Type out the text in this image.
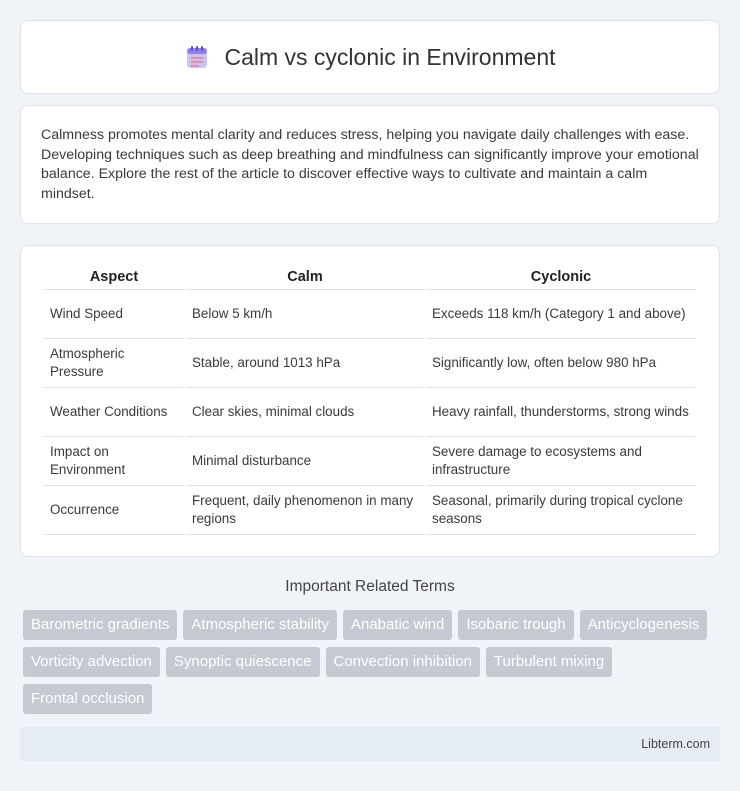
Calm vs cyclonic in Environment

Calmness promotes mental clarity and reduces stress, helping you navigate daily challenges with ease. Developing techniques such as deep breathing and mindfulness can significantly improve your emotional balance. Explore the rest of the article to discover effective ways to cultivate and maintain a calm mindset.

Aspect	Calm	Cyclonic
Wind Speed	Below 5 km/h	Exceeds 118 km/h (Category 1 and above)
Atmospheric Pressure	Stable, around 1013 hPa	Significantly low, often below 980 hPa
Weather Conditions	Clear skies, minimal clouds	Heavy rainfall, thunderstorms, strong winds
Impact on Environment	Minimal disturbance	Severe damage to ecosystems and infrastructure
Occurrence	Frequent, daily phenomenon in many regions	Seasonal, primarily during tropical cyclone seasons
Important Related Terms
Barometric gradients	Atmospheric stability	Anabatic wind	Isobaric trough	Anticyclogenesis
Vorticity advection	Synoptic quiescence	Convection inhibition	Turbulent mixing
Frontal occlusion
Libterm.com
